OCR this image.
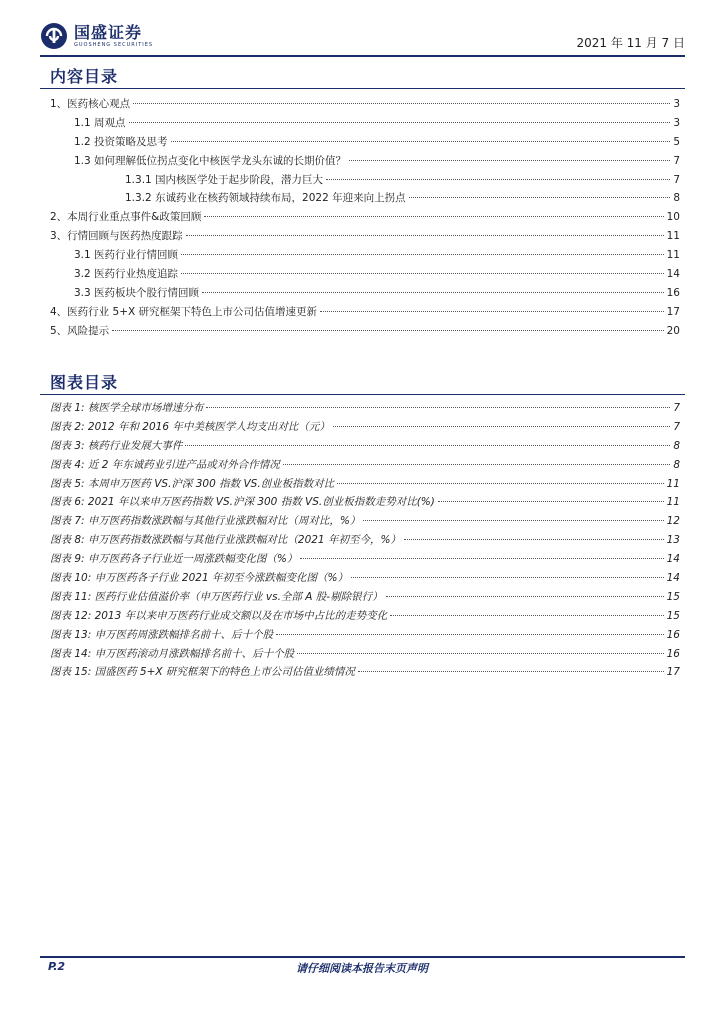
国盛证券
GUOSHENG SECURITIES	2021 年 11 月 7 日
内容目录
1、医药核心观点	3
1.1 周观点	3
1.2 投资策略及思考	5
1.3 如何理解低位拐点变化中核医学龙头东诚的长期价值？	7
1.3.1 国内核医学处于起步阶段，潜力巨大	7
1.3.2 东诚药业在核药领域持续布局，2022 年迎来向上拐点	8
2、本周行业重点事件&政策回顾	10
3、行情回顾与医药热度跟踪	11
3.1 医药行业行情回顾	11
3.2 医药行业热度追踪	14
3.3 医药板块个股行情回顾	16
4、医药行业 5+X 研究框架下特色上市公司估值增速更新	17
5、风险提示	20
图表目录
图表 1: 核医学全球市场增速分布	7
图表 2: 2012 年和 2016 年中美核医学人均支出对比（元）	7
图表 3: 核药行业发展大事件	8
图表 4: 近 2 年东诚药业引进产品或对外合作情况	8
图表 5: 本周申万医药 VS.沪深 300 指数 VS.创业板指数对比	11
图表 6: 2021 年以来申万医药指数 VS.沪深 300 指数 VS.创业板指数走势对比(%)	11
图表 7: 申万医药指数涨跌幅与其他行业涨跌幅对比（周对比，%）	12
图表 8: 申万医药指数涨跌幅与其他行业涨跌幅对比（2021 年初至今，%）	13
图表 9: 申万医药各子行业近一周涨跌幅变化图（%）	14
图表 10: 申万医药各子行业 2021 年初至今涨跌幅变化图（%）	14
图表 11: 医药行业估值溢价率（申万医药行业 vs.全部 A 股-剔除银行）	15
图表 12: 2013 年以来申万医药行业成交额以及在市场中占比的走势变化	15
图表 13: 申万医药周涨跌幅排名前十、后十个股	16
图表 14: 申万医药滚动月涨跌幅排名前十、后十个股	16
图表 15: 国盛医药 5+X 研究框架下的特色上市公司估值业绩情况	17
请仔细阅读本报告末页声明
P.2
